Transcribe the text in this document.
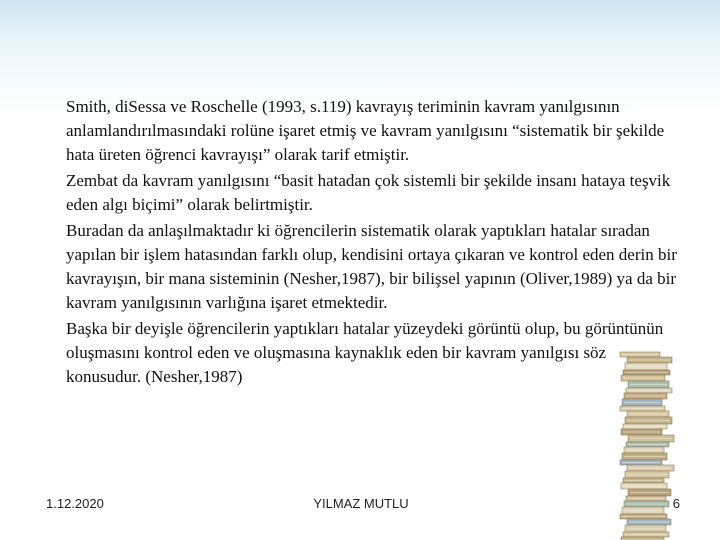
Smith, diSessa ve Roschelle (1993, s.119) kavrayış teriminin kavram yanılgısının anlamlandırılmasındaki rolüne işaret etmiş ve kavram yanılgısını “sistematik bir şekilde hata üreten öğrenci kavrayışı” olarak tarif etmiştir.

Zembat da kavram yanılgısını “basit hatadan çok sistemli bir şekilde insanı hataya teşvik eden algı biçimi” olarak belirtmiştir.

Buradan da anlaşılmaktadır ki öğrencilerin sistematik olarak yaptıkları hatalar sıradan yapılan bir işlem hatasından farklı olup, kendisini ortaya çıkaran ve kontrol eden derin bir kavrayışın, bir mana sisteminin (Nesher,1987), bir bilişsel yapının (Oliver,1989) ya da bir kavram yanılgısının varlığına işaret etmektedir.

Başka bir deyişle öğrencilerin yaptıkları hatalar yüzeydeki görüntü olup, bu görüntünün oluşmasını kontrol eden ve oluşmasına kaynaklık eden bir kavram yanılgısı söz konusudur. (Nesher,1987)

1.12.2020	YILMAZ MUTLU	6
